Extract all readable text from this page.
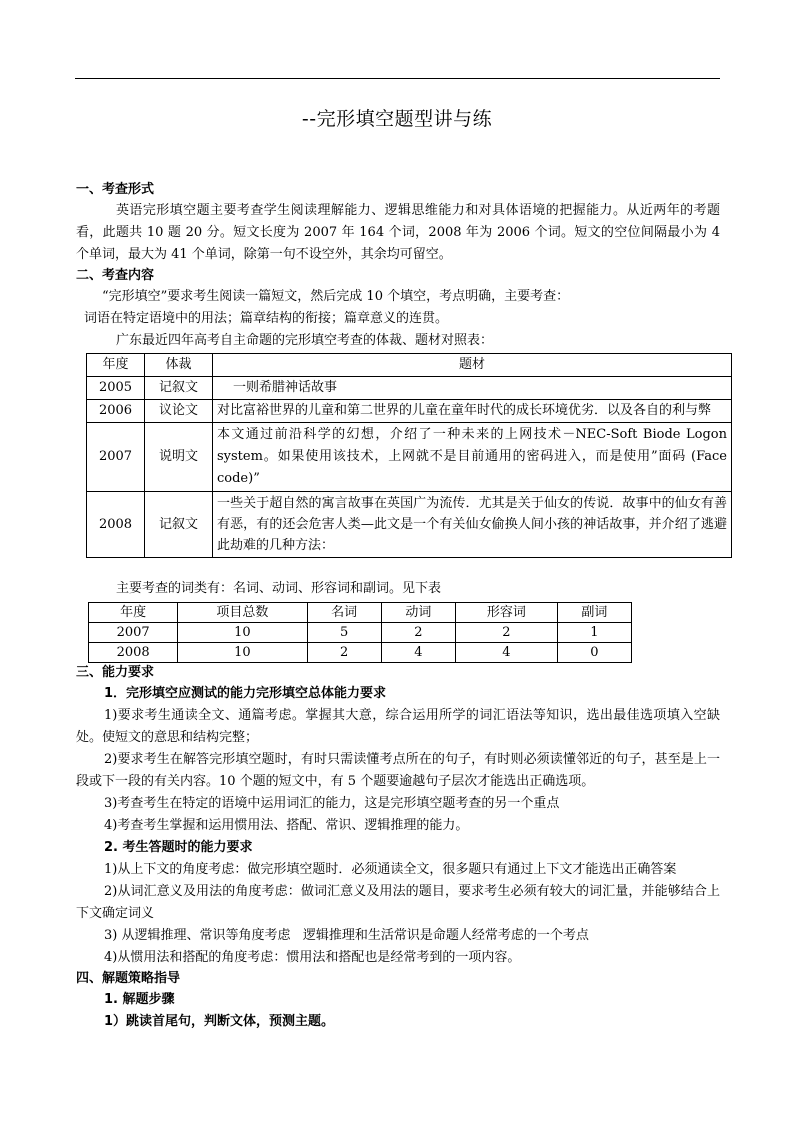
--完形填空题型讲与练
一、考查形式

英语完形填空题主要考查学生阅读理解能力、逻辑思维能力和对具体语境的把握能力。从近两年的考题看，此题共 10 题 20 分。短文长度为 2007 年 164 个词，2008 年为 2006 个词。短文的空位间隔最小为 4 个单词，最大为 41 个单词，除第一句不设空外，其余均可留空。

二、考查内容

“完形填空”要求考生阅读一篇短文，然后完成 10 个填空，考点明确，主要考查：

词语在特定语境中的用法；篇章结构的衔接；篇章意义的连贯。

广东最近四年高考自主命题的完形填空考查的体裁、题材对照表：

年度	体裁	题材
2005	记叙文	一则希腊神话故事
2006	议论文	对比富裕世界的儿童和第二世界的儿童在童年时代的成长环境优劣．以及各自的利与弊
2007	说明文	本文通过前沿科学的幻想，介绍了一种未来的上网技术－NEC-Soft Biode Logon system。如果使用该技术，上网就不是目前通用的密码进入，而是使用”面码 (Face code)”
2008	记叙文	一些关于超自然的寓言故事在英国广为流传．尤其是关于仙女的传说．故事中的仙女有善有恶，有的还会危害人类—此文是一个有关仙女偷换人间小孩的神话故事，并介绍了逃避此劫难的几种方法：

主要考查的词类有：名词、动词、形容词和副词。见下表

年度	项目总数	名词	动词	形容词	副词
2007	10	5	2	2	1
2008	10	2	4	4	0
三、能力要求
1．完形填空应测试的能力完形填空总体能力要求

1)要求考生通读全文、通篇考虑。掌握其大意，综合运用所学的词汇语法等知识，选出最佳选项填入空缺处。使短文的意思和结构完整；

2)要求考生在解答完形填空题时，有时只需读懂考点所在的句子，有时则必须读懂邻近的句子，甚至是上一段或下一段的有关内容。10 个题的短文中，有 5 个题要逾越句子层次才能选出正确选项。

3)考查考生在特定的语境中运用词汇的能力，这是完形填空题考查的另一个重点

4)考查考生掌握和运用惯用法、搭配、常识、逻辑推理的能力。

2. 考生答题时的能力要求

1)从上下文的角度考虑：做完形填空题时．必须通读全文，很多题只有通过上下文才能选出正确答案

2)从词汇意义及用法的角度考虑：做词汇意义及用法的题目，要求考生必须有较大的词汇量，并能够结合上下文确定词义

3) 从逻辑推理、常识等角度考虑   逻辑推理和生活常识是命题人经常考虑的一个考点

4)从惯用法和搭配的角度考虑：惯用法和搭配也是经常考到的一项内容。

四、解题策略指导
1. 解题步骤
1）跳读首尾句，判断文体，预测主题。
